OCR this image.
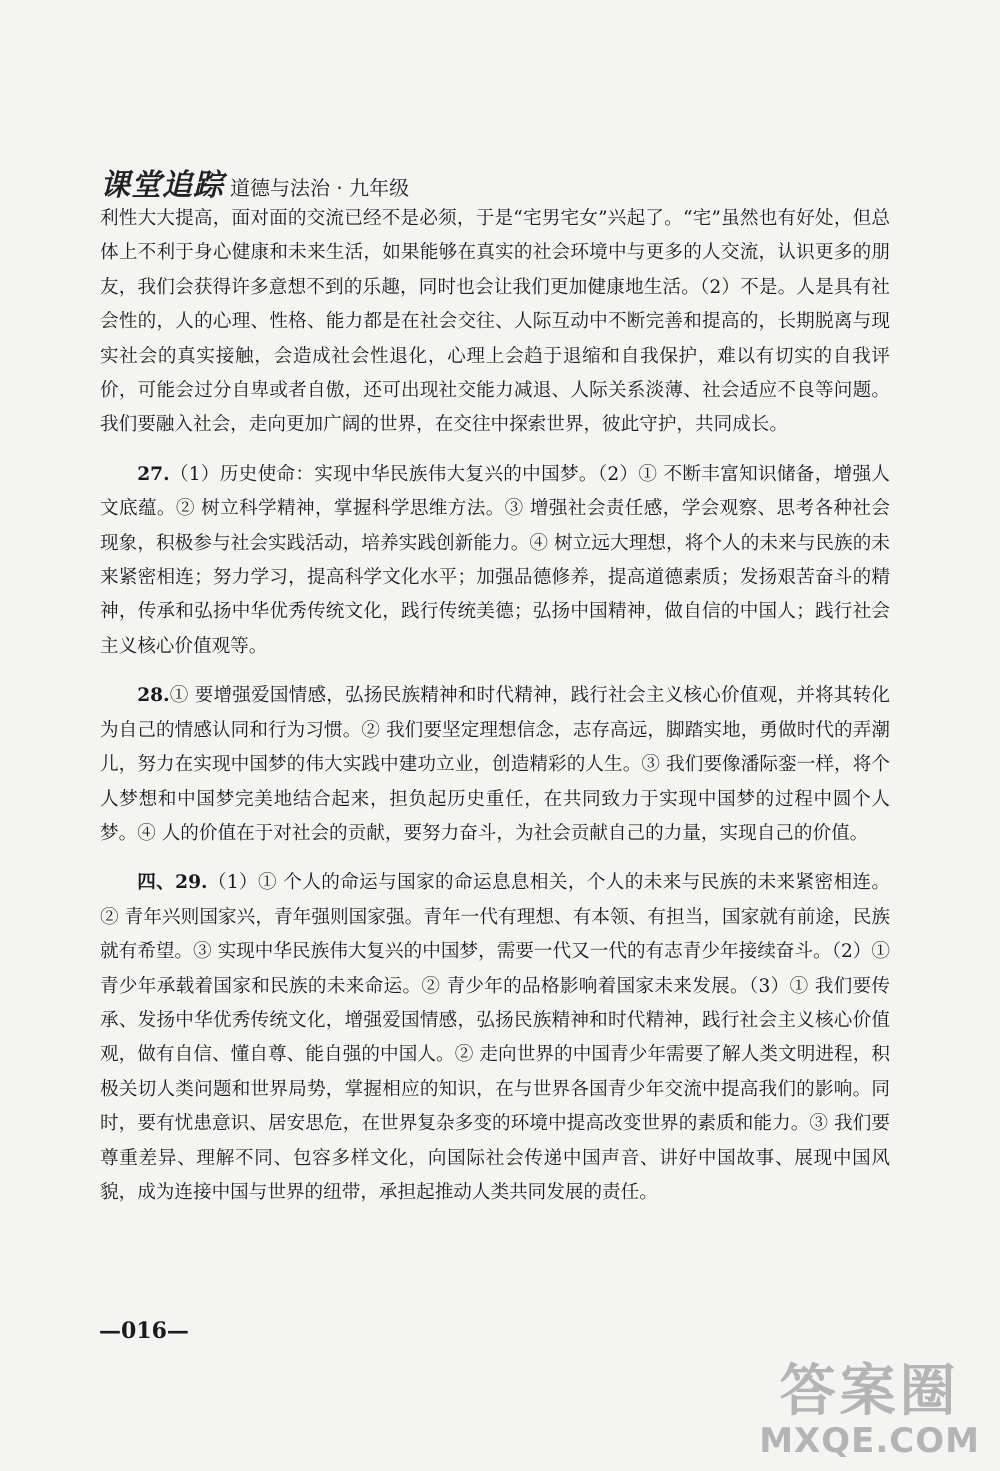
课堂追踪 道德与法治 · 九年级

利性大大提高，面对面的交流已经不是必须，于是“宅男宅女”兴起了。“宅”虽然也有好处，但总体上不利于身心健康和未来生活，如果能够在真实的社会环境中与更多的人交流，认识更多的朋友，我们会获得许多意想不到的乐趣，同时也会让我们更加健康地生活。（2）不是。人是具有社会性的，人的心理、性格、能力都是在社会交往、人际互动中不断完善和提高的，长期脱离与现实社会的真实接触，会造成社会性退化，心理上会趋于退缩和自我保护，难以有切实的自我评价，可能会过分自卑或者自傲，还可出现社交能力减退、人际关系淡薄、社会适应不良等问题。我们要融入社会，走向更加广阔的世界，在交往中探索世界，彼此守护，共同成长。

27.（1）历史使命：实现中华民族伟大复兴的中国梦。（2）① 不断丰富知识储备，增强人文底蕴。② 树立科学精神，掌握科学思维方法。③ 增强社会责任感，学会观察、思考各种社会现象，积极参与社会实践活动，培养实践创新能力。④ 树立远大理想，将个人的未来与民族的未来紧密相连；努力学习，提高科学文化水平；加强品德修养，提高道德素质；发扬艰苦奋斗的精神，传承和弘扬中华优秀传统文化，践行传统美德；弘扬中国精神，做自信的中国人；践行社会主义核心价值观等。

28.① 要增强爱国情感，弘扬民族精神和时代精神，践行社会主义核心价值观，并将其转化为自己的情感认同和行为习惯。② 我们要坚定理想信念，志存高远，脚踏实地，勇做时代的弄潮儿，努力在实现中国梦的伟大实践中建功立业，创造精彩的人生。③ 我们要像潘际銮一样，将个人梦想和中国梦完美地结合起来，担负起历史重任，在共同致力于实现中国梦的过程中圆个人梦。④ 人的价值在于对社会的贡献，要努力奋斗，为社会贡献自己的力量，实现自己的价值。

四、29.（1）① 个人的命运与国家的命运息息相关，个人的未来与民族的未来紧密相连。② 青年兴则国家兴，青年强则国家强。青年一代有理想、有本领、有担当，国家就有前途，民族就有希望。③ 实现中华民族伟大复兴的中国梦，需要一代又一代的有志青少年接续奋斗。（2）① 青少年承载着国家和民族的未来命运。② 青少年的品格影响着国家未来发展。（3）① 我们要传承、发扬中华优秀传统文化，增强爱国情感，弘扬民族精神和时代精神，践行社会主义核心价值观，做有自信、懂自尊、能自强的中国人。② 走向世界的中国青少年需要了解人类文明进程，积极关切人类问题和世界局势，掌握相应的知识，在与世界各国青少年交流中提高我们的影响。同时，要有忧患意识、居安思危，在世界复杂多变的环境中提高改变世界的素质和能力。③ 我们要尊重差异、理解不同、包容多样文化，向国际社会传递中国声音、讲好中国故事、展现中国风貌，成为连接中国与世界的纽带，承担起推动人类共同发展的责任。

—016—
答案圈
MXQE.COM
